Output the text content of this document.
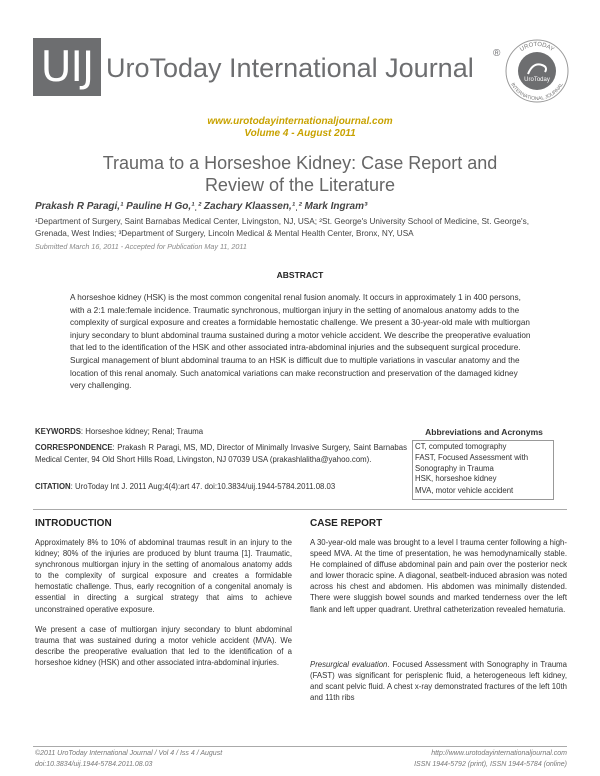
UIJ UroToday International Journal ®	UROTODAY
INTERNATIONAL JOURNAL
UroToday
www.urotodayinternationaljournal.com
Volume 4 - August 2011
Trauma to a Horseshoe Kidney: Case Report and
Review of the Literature
Prakash R Paragi,¹ Pauline H Go,¹ˌ² Zachary Klaassen,¹ˌ² Mark Ingram³
¹Department of Surgery, Saint Barnabas Medical Center, Livingston, NJ, USA; ²St. George's University School of Medicine, St. George's, Grenada, West Indies; ³Department of Surgery, Lincoln Medical & Mental Health Center, Bronx, NY, USA
Submitted March 16, 2011 - Accepted for Publication May 11, 2011
ABSTRACT
A horseshoe kidney (HSK) is the most common congenital renal fusion anomaly. It occurs in approximately 1 in 400 persons, with a 2:1 male:female incidence. Traumatic synchronous, multiorgan injury in the setting of anomalous anatomy adds to the complexity of surgical exposure and creates a formidable hemostatic challenge. We present a 30-year-old male with multiorgan injury secondary to blunt abdominal trauma sustained during a motor vehicle accident. We describe the preoperative evaluation that led to the identification of the HSK and other associated intra-abdominal injuries and the subsequent surgical procedure. Surgical management of blunt abdominal trauma to an HSK is difficult due to multiple variations in vascular anatomy and the location of this renal anomaly. Such anatomical variations can make reconstruction and preservation of the damaged kidney very challenging.
KEYWORDS: Horseshoe kidney; Renal; Trauma
CORRESPONDENCE: Prakash R Paragi, MS, MD, Director of Minimally Invasive Surgery, Saint Barnabas Medical Center, 94 Old Short Hills Road, Livingston, NJ 07039 USA (prakashlalitha@yahoo.com).
CITATION: UroToday Int J. 2011 Aug;4(4):art 47. doi:10.3834/uij.1944-5784.2011.08.03
Abbreviations and Acronyms
CT, computed tomography
FAST, Focused Assessment with Sonography in Trauma
HSK, horseshoe kidney
MVA, motor vehicle accident
INTRODUCTION
Approximately 8% to 10% of abdominal traumas result in an injury to the kidney; 80% of the injuries are produced by blunt trauma [1]. Traumatic, synchronous multiorgan injury in the setting of anomalous anatomy adds to the complexity of surgical exposure and creates a formidable hemostatic challenge. Thus, early recognition of a congenital anomaly is essential in directing a surgical strategy that aims to achieve unconstrained operative exposure.
We present a case of multiorgan injury secondary to blunt abdominal trauma that was sustained during a motor vehicle accident (MVA). We describe the preoperative evaluation that led to the identification of a horseshoe kidney (HSK) and other associated intra-abdominal injuries.
CASE REPORT
A 30-year-old male was brought to a level I trauma center following a high-speed MVA. At the time of presentation, he was hemodynamically stable. He complained of diffuse abdominal pain and pain over the posterior neck and lower thoracic spine. A diagonal, seatbelt-induced abrasion was noted across his chest and abdomen. His abdomen was minimally distended. There were sluggish bowel sounds and marked tenderness over the left flank and left upper quadrant. Urethral catheterization revealed hematuria.
Presurgical evaluation. Focused Assessment with Sonography in Trauma (FAST) was significant for perisplenic fluid, a heterogeneous left kidney, and scant pelvic fluid. A chest x-ray demonstrated fractures of the left 10th and 11th ribs
©2011 UroToday International Journal / Vol 4 / Iss 4 / August
doi:10.3834/uij.1944-5784.2011.08.03
http://www.urotodayinternationaljournal.com
ISSN 1944-5792 (print), ISSN 1944-5784 (online)
